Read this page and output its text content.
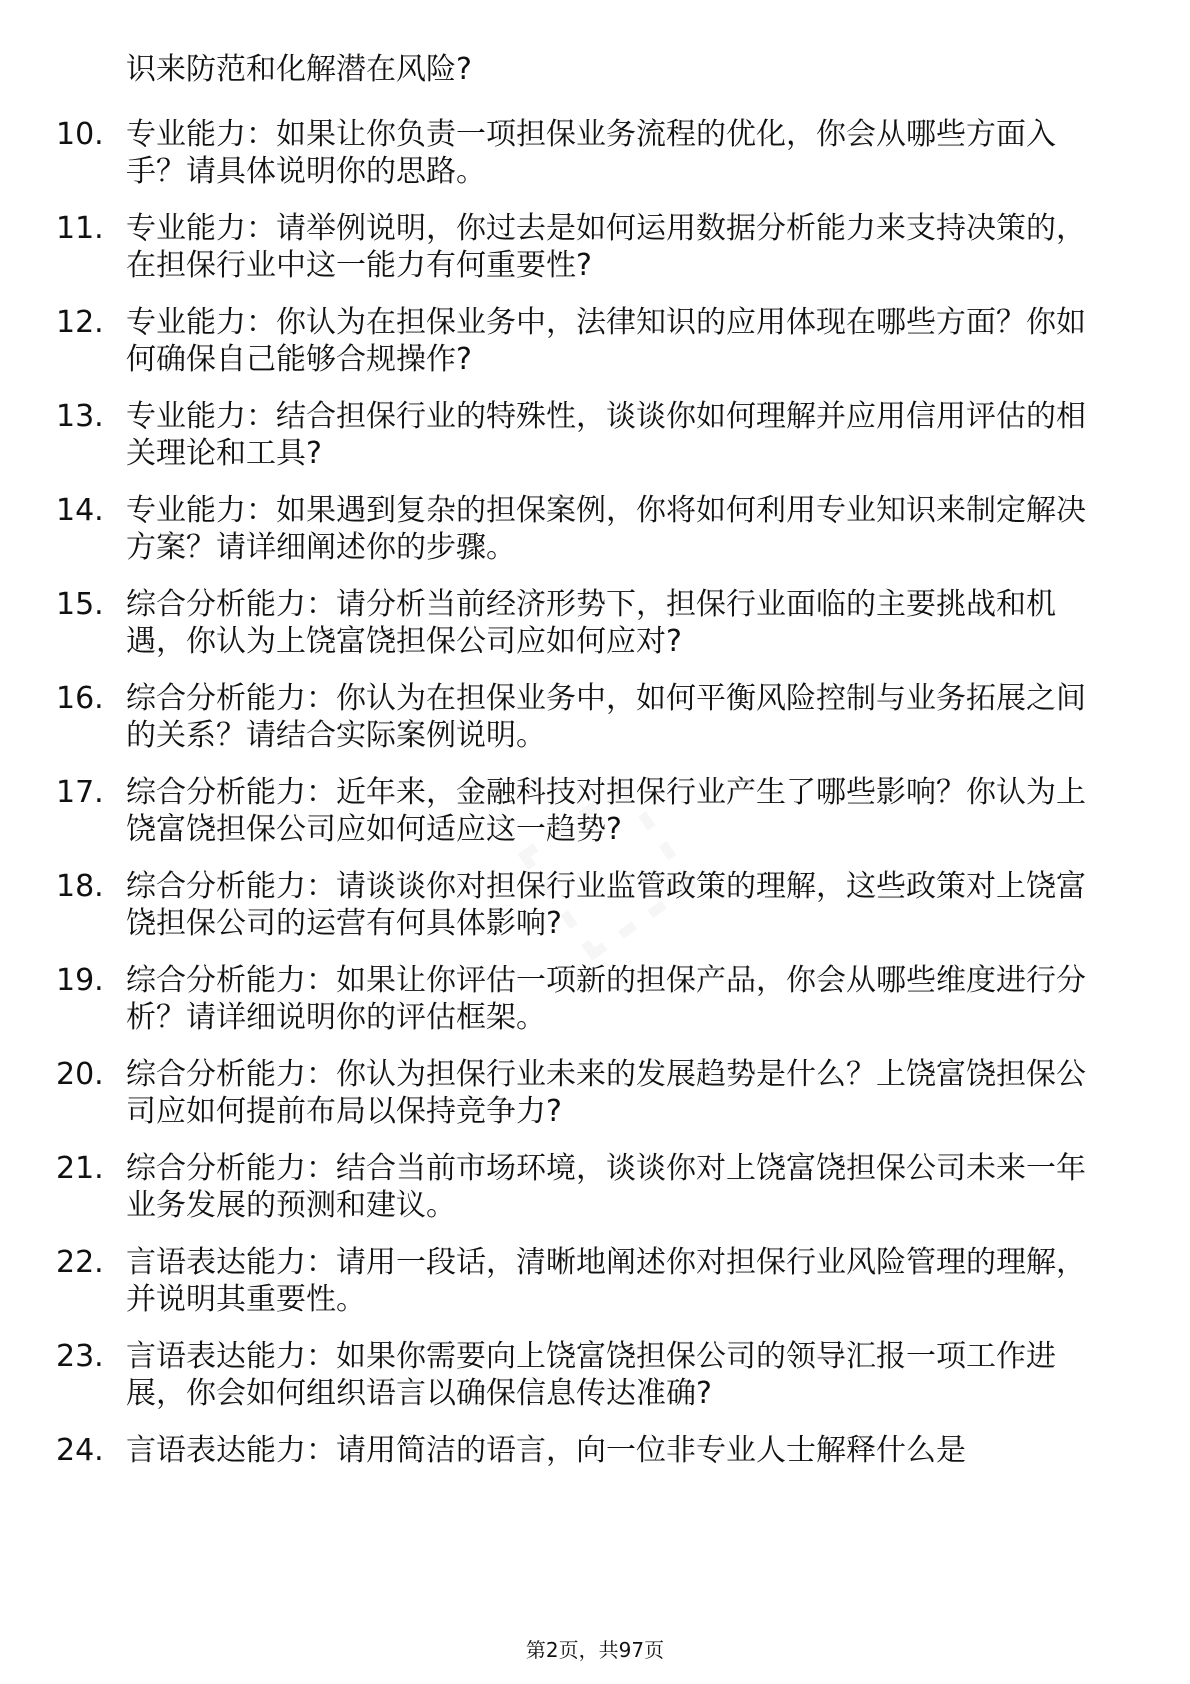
识来防范和化解潜在风险?
10. 专业能力：如果让你负责一项担保业务流程的优化，你会从哪些方面入手？请具体说明你的思路。
11. 专业能力：请举例说明，你过去是如何运用数据分析能力来支持决策的，在担保行业中这一能力有何重要性?
12. 专业能力：你认为在担保业务中，法律知识的应用体现在哪些方面？你如何确保自己能够合规操作?
13. 专业能力：结合担保行业的特殊性，谈谈你如何理解并应用信用评估的相关理论和工具?
14. 专业能力：如果遇到复杂的担保案例，你将如何利用专业知识来制定解决方案？请详细阐述你的步骤。
15. 综合分析能力：请分析当前经济形势下，担保行业面临的主要挑战和机遇，你认为上饶富饶担保公司应如何应对?
16. 综合分析能力：你认为在担保业务中，如何平衡风险控制与业务拓展之间的关系？请结合实际案例说明。
17. 综合分析能力：近年来，金融科技对担保行业产生了哪些影响？你认为上饶富饶担保公司应如何适应这一趋势?
18. 综合分析能力：请谈谈你对担保行业监管政策的理解，这些政策对上饶富饶担保公司的运营有何具体影响?
19. 综合分析能力：如果让你评估一项新的担保产品，你会从哪些维度进行分析？请详细说明你的评估框架。
20. 综合分析能力：你认为担保行业未来的发展趋势是什么？上饶富饶担保公司应如何提前布局以保持竞争力?
21. 综合分析能力：结合当前市场环境，谈谈你对上饶富饶担保公司未来一年业务发展的预测和建议。
22. 言语表达能力：请用一段话，清晰地阐述你对担保行业风险管理的理解，并说明其重要性。
23. 言语表达能力：如果你需要向上饶富饶担保公司的领导汇报一项工作进展，你会如何组织语言以确保信息传达准确?
24. 言语表达能力：请用简洁的语言，向一位非专业人士解释什么是
第2页，共97页
